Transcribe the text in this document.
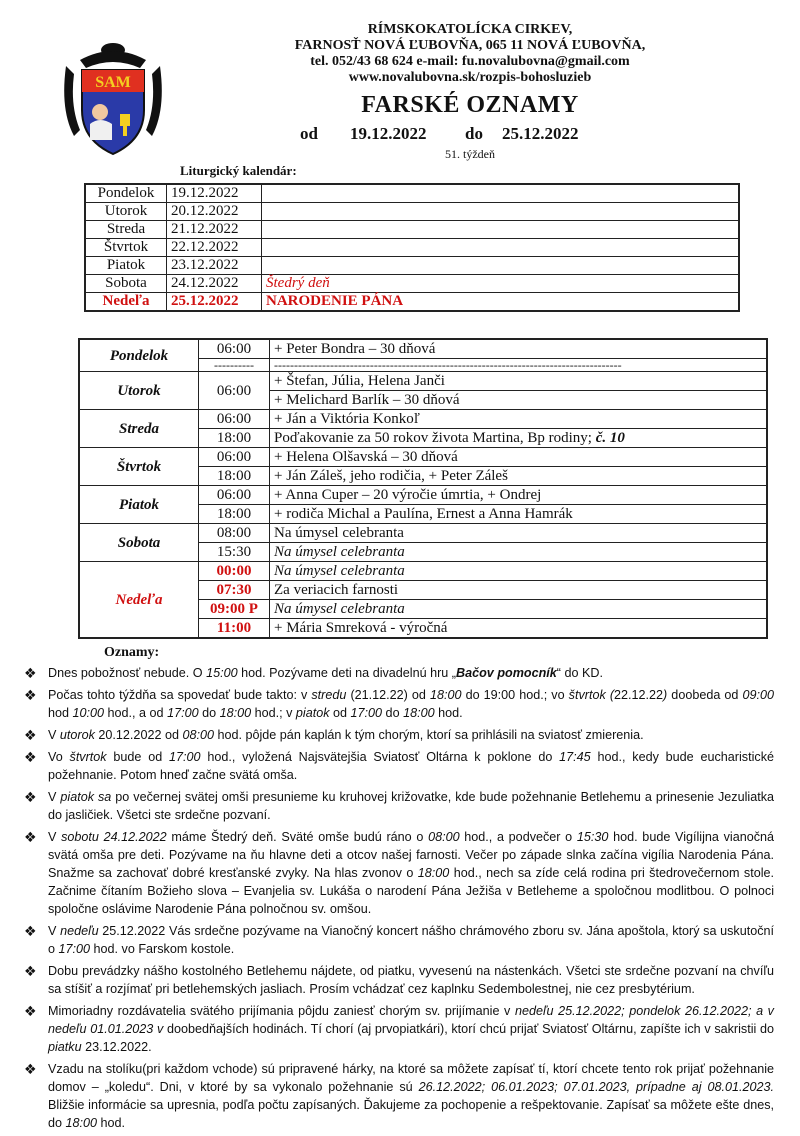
SAM
RÍMSKOKATOLÍCKA CIRKEV,
FARNOSŤ NOVÁ ĽUBOVŇA, 065 11 NOVÁ ĽUBOVŇA,
tel. 052/43 68 624 e-mail: fu.novalubovna@gmail.com
www.novalubovna.sk/rozpis-bohosluzieb
FARSKÉ OZNAMY
od 19.12.2022 do 25.12.2022
51. týždeň
Liturgický kalendár:
Pondelok	19.12.2022	
Utorok	20.12.2022	
Streda	21.12.2022	
Štvrtok	22.12.2022	
Piatok	23.12.2022	
Sobota	24.12.2022	Štedrý deň
Nedeľa	25.12.2022	NARODENIE PÁNA
Pondelok	06:00	+ Peter Bondra – 30 dňová
	----------	---------------------------------------------------------------------------------------
Utorok	06:00	+ Štefan, Júlia, Helena Janči
		+ Melichard Barlík – 30 dňová
Streda	06:00	+ Ján a Viktória Konkoľ
	18:00	Poďakovanie za 50 rokov života Martina, Bp rodiny; č. 10
Štvrtok	06:00	+ Helena Olšavská – 30 dňová
	18:00	+ Ján Záleš, jeho rodičia, + Peter Záleš
Piatok	06:00	+ Anna Cuper – 20 výročie úmrtia, + Ondrej
	18:00	+ rodiča Michal a Paulína, Ernest a Anna Hamrák
Sobota	08:00	Na úmysel celebranta
	15:30	Na úmysel celebranta
Nedeľa	00:00	Na úmysel celebranta
	07:30	Za veriacich farnosti
	09:00 P	Na úmysel celebranta
	11:00	+ Mária Smreková - výročná
Oznamy:
❖ Dnes pobožnosť nebude. O 15:00 hod. Pozývame deti na divadelnú hru „Bačov pomocník“ do KD.
❖ Počas tohto týždňa sa spovedať bude takto: v stredu (21.12.22) od 18:00 do 19:00 hod.; vo štvrtok (22.12.22) doobeda od 09:00 hod 10:00 hod., a od 17:00 do 18:00 hod.; v piatok od 17:00 do 18:00 hod.
❖ V utorok 20.12.2022 od 08:00 hod. pôjde pán kaplán k tým chorým, ktorí sa prihlásili na sviatosť zmierenia.
❖ Vo štvrtok bude od 17:00 hod., vyložená Najsvätejšia Sviatosť Oltárna k poklone do 17:45 hod., kedy bude eucharistické požehnanie. Potom hneď začne svätá omša.
❖ V piatok sa po večernej svätej omši presunieme ku kruhovej križovatke, kde bude požehnanie Betlehemu a prinesenie Jezuliatka do jasličiek. Všetci ste srdečne pozvaní.
❖ V sobotu 24.12.2022 máme Štedrý deň. Sväté omše budú ráno o 08:00 hod., a podvečer o 15:30 hod. bude Vigílijna vianočná svätá omša pre deti. Pozývame na ňu hlavne deti a otcov našej farnosti. Večer po západe slnka začína vigília Narodenia Pána. Snažme sa zachovať dobré kresťanské zvyky. Na hlas zvonov o 18:00 hod., nech sa zíde celá rodina pri štedrovečernom stole. Začnime čítaním Božieho slova – Evanjelia sv. Lukáša o narodení Pána Ježiša v Betleheme a spoločnou modlitbou. O polnoci spoločne oslávime Narodenie Pána polnočnou sv. omšou.
❖ V nedeľu 25.12.2022 Vás srdečne pozývame na Vianočný koncert nášho chrámového zboru sv. Jána apoštola, ktorý sa uskutoční o 17:00 hod. vo Farskom kostole.
❖ Dobu prevádzky nášho kostolného Betlehemu nájdete, od piatku, vyvesenú na nástenkách. Všetci ste srdečne pozvaní na chvíľu sa stíšiť a rozjímať pri betlehemských jasliach. Prosím vchádzať cez kaplnku Sedembolestnej, nie cez presbytérium.
❖ Mimoriadny rozdávatelia svätého prijímania pôjdu zaniesť chorým sv. prijímanie v nedeľu 25.12.2022; pondelok 26.12.2022; a v nedeľu 01.01.2023 v doobedňajších hodinách. Tí chorí (aj prvopiatkári), ktorí chcú prijať Sviatosť Oltárnu, zapíšte ich v sakristii do piatku 23.12.2022.
❖ Vzadu na stolíku(pri každom vchode) sú pripravené hárky, na ktoré sa môžete zapísať tí, ktorí chcete tento rok prijať požehnanie domov – „koledu“. Dni, v ktoré by sa vykonalo požehnanie sú 26.12.2022; 06.01.2023; 07.01.2023, prípadne aj 08.01.2023. Bližšie informácie sa upresnia, podľa počtu zapísaných. Ďakujeme za pochopenie a rešpektovanie. Zapísať sa môžete ešte dnes, do 18:00 hod.
